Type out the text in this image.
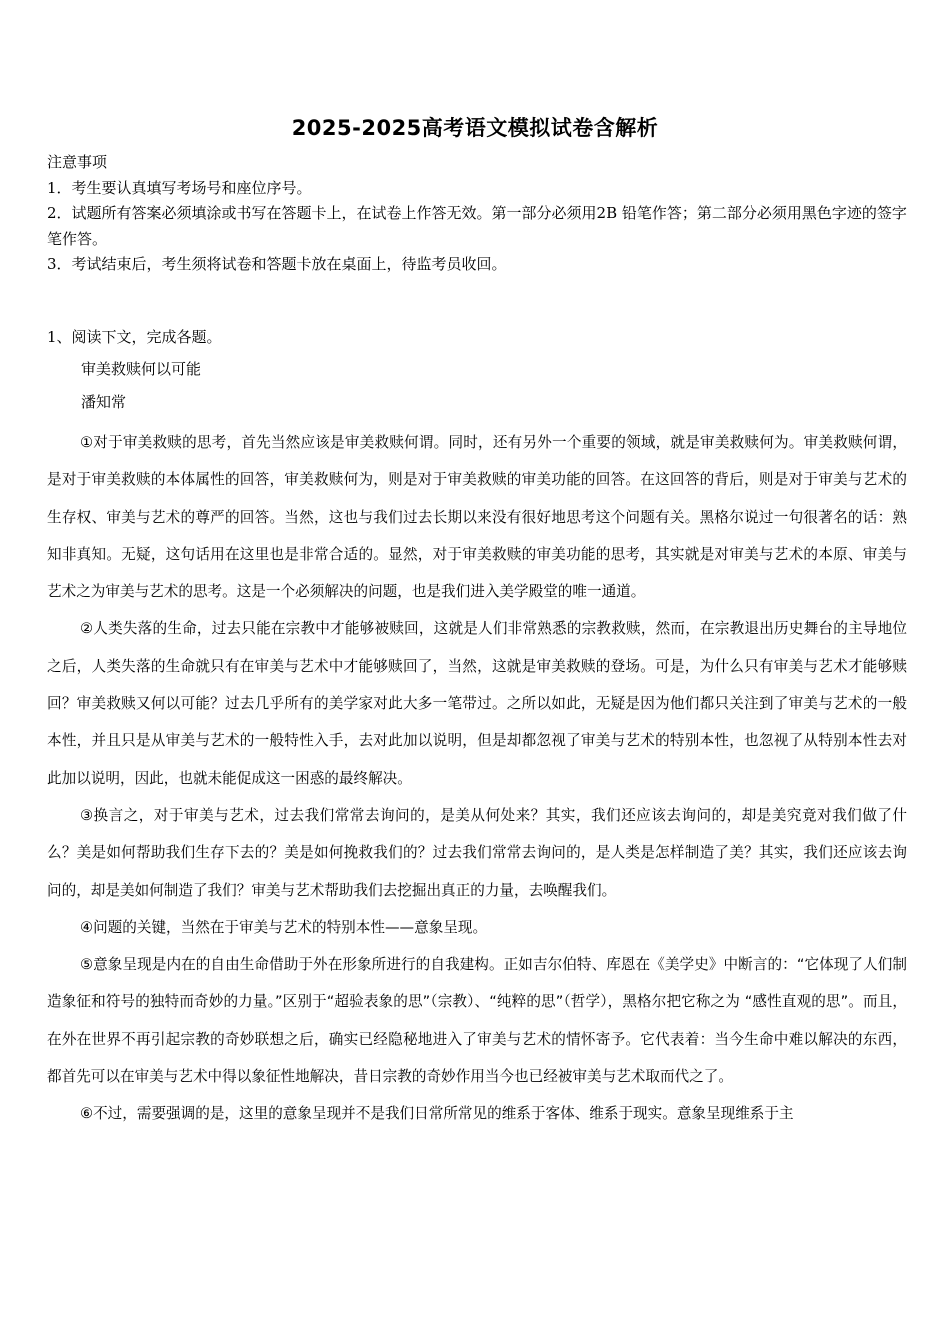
2025-2025高考语文模拟试卷含解析
注意事项
1．考生要认真填写考场号和座位序号。
2．试题所有答案必须填涂或书写在答题卡上，在试卷上作答无效。第一部分必须用2B 铅笔作答；第二部分必须用黑色字迹的签字笔作答。
3．考试结束后，考生须将试卷和答题卡放在桌面上，待监考员收回。
1、阅读下文，完成各题。
审美救赎何以可能
潘知常

①对于审美救赎的思考，首先当然应该是审美救赎何谓。同时，还有另外一个重要的领域，就是审美救赎何为。审美救赎何谓，是对于审美救赎的本体属性的回答，审美救赎何为，则是对于审美救赎的审美功能的回答。在这回答的背后，则是对于审美与艺术的生存权、审美与艺术的尊严的回答。当然，这也与我们过去长期以来没有很好地思考这个问题有关。黑格尔说过一句很著名的话：熟知非真知。无疑，这句话用在这里也是非常合适的。显然，对于审美救赎的审美功能的思考，其实就是对审美与艺术的本原、审美与艺术之为审美与艺术的思考。这是一个必须解决的问题，也是我们进入美学殿堂的唯一通道。

②人类失落的生命，过去只能在宗教中才能够被赎回，这就是人们非常熟悉的宗教救赎，然而，在宗教退出历史舞台的主导地位之后，人类失落的生命就只有在审美与艺术中才能够赎回了，当然，这就是审美救赎的登场。可是，为什么只有审美与艺术才能够赎回？审美救赎又何以可能？过去几乎所有的美学家对此大多一笔带过。之所以如此，无疑是因为他们都只关注到了审美与艺术的一般本性，并且只是从审美与艺术的一般特性入手，去对此加以说明，但是却都忽视了审美与艺术的特别本性，也忽视了从特别本性去对此加以说明，因此，也就未能促成这一困惑的最终解决。

③换言之，对于审美与艺术，过去我们常常去询问的，是美从何处来？其实，我们还应该去询问的，却是美究竟对我们做了什么？美是如何帮助我们生存下去的？美是如何挽救我们的？过去我们常常去询问的，是人类是怎样制造了美？其实，我们还应该去询问的，却是美如何制造了我们？审美与艺术帮助我们去挖掘出真正的力量，去唤醒我们。

④问题的关键，当然在于审美与艺术的特别本性——意象呈现。

⑤意象呈现是内在的自由生命借助于外在形象所进行的自我建构。正如吉尔伯特、库恩在《美学史》中断言的：“它体现了人们制造象征和符号的独特而奇妙的力量。”区别于“超验表象的思”（宗教）、“纯粹的思”（哲学），黑格尔把它称之为 “感性直观的思”。而且，在外在世界不再引起宗教的奇妙联想之后，确实已经隐秘地进入了审美与艺术的情怀寄予。它代表着：当今生命中难以解决的东西，都首先可以在审美与艺术中得以象征性地解决，昔日宗教的奇妙作用当今也已经被审美与艺术取而代之了。

⑥不过，需要强调的是，这里的意象呈现并不是我们日常所常见的维系于客体、维系于现实。意象呈现维系于主
